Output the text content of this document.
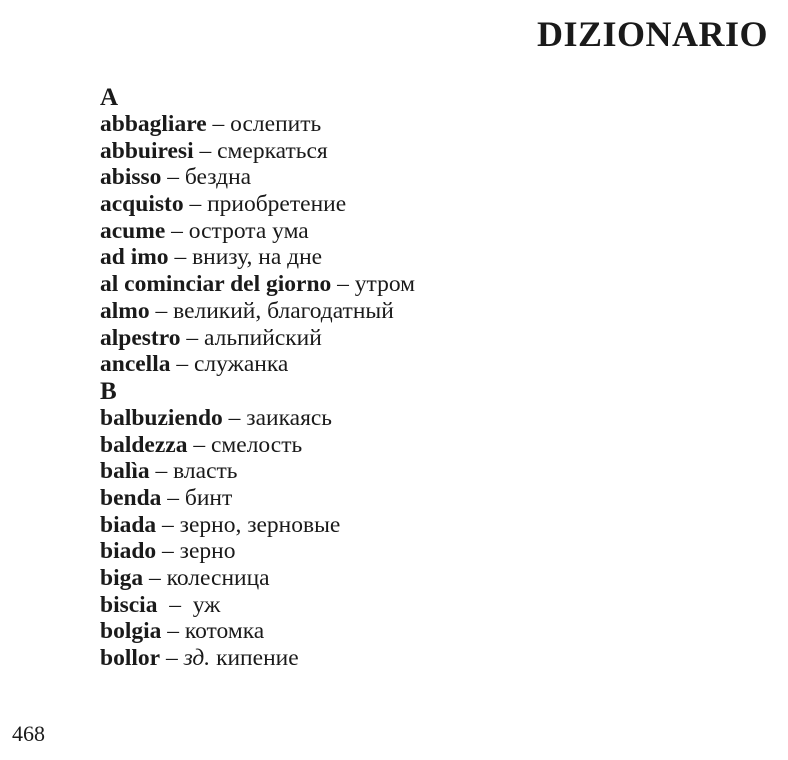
DIZIONARIO
A
abbagliare – ослепить
abbuiresi – смеркаться
abisso – бездна
acquisto – приобретение
acume – острота ума
ad imo – внизу, на дне
al cominciar del giorno – утром
almo – великий, благодатный
alpestro – альпийский
ancella – служанка
B
balbuziendo – заикаясь
baldezza – смелость
balìa – власть
benda – бинт
biada – зерно, зерновые
biado – зерно
biga – колесница
biscia  –  уж
bolgia – котомка
bollor – зд. кипение
468
